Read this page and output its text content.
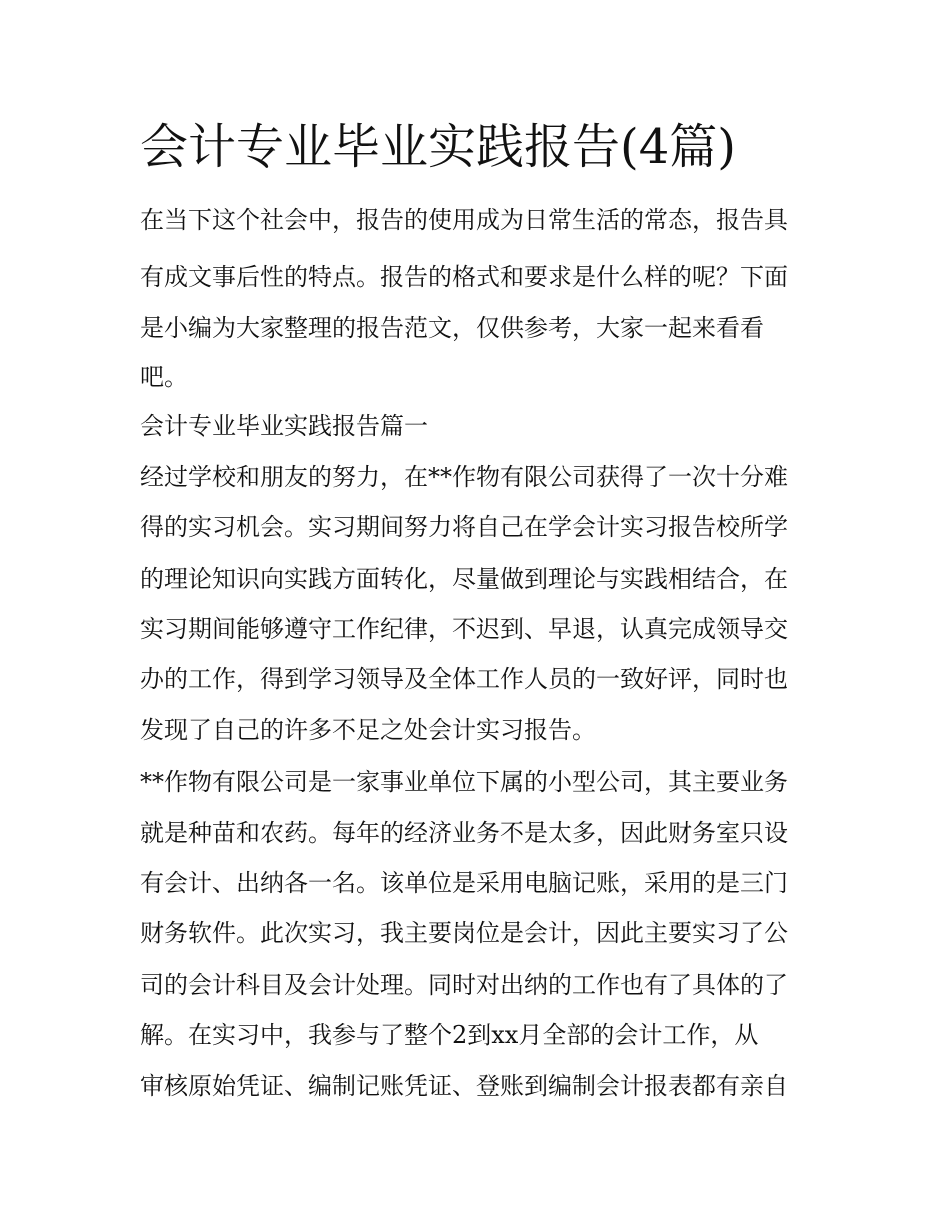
会计专业毕业实践报告(4篇)

在当下这个社会中，报告的使用成为日常生活的常态，报告具

有成文事后性的特点。报告的格式和要求是什么样的呢？下面

是小编为大家整理的报告范文，仅供参考，大家一起来看看

吧。

会计专业毕业实践报告篇一

经过学校和朋友的努力，在**作物有限公司获得了一次十分难

得的实习机会。实习期间努力将自己在学会计实习报告校所学

的理论知识向实践方面转化，尽量做到理论与实践相结合，在

实习期间能够遵守工作纪律，不迟到、早退，认真完成领导交

办的工作，得到学习领导及全体工作人员的一致好评，同时也

发现了自己的许多不足之处会计实习报告。

**作物有限公司是一家事业单位下属的小型公司，其主要业务

就是种苗和农药。每年的经济业务不是太多，因此财务室只设

有会计、出纳各一名。该单位是采用电脑记账，采用的是三门

财务软件。此次实习，我主要岗位是会计，因此主要实习了公

司的会计科目及会计处理。同时对出纳的工作也有了具体的了

解。在实习中，我参与了整个2到xx月全部的会计工作，从

审核原始凭证、编制记账凭证、登账到编制会计报表都有亲自
